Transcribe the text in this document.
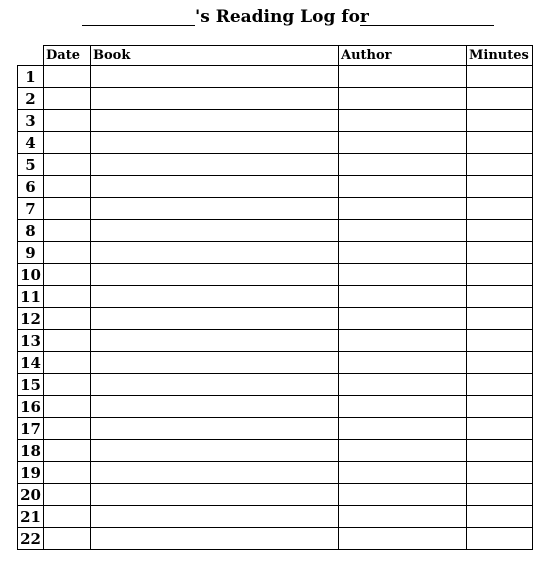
's Reading Log for
	Date	Book	Author	Minutes
1				
2				
3				
4				
5				
6				
7				
8				
9				
10				
11				
12				
13				
14				
15				
16				
17				
18				
19				
20				
21				
22				
